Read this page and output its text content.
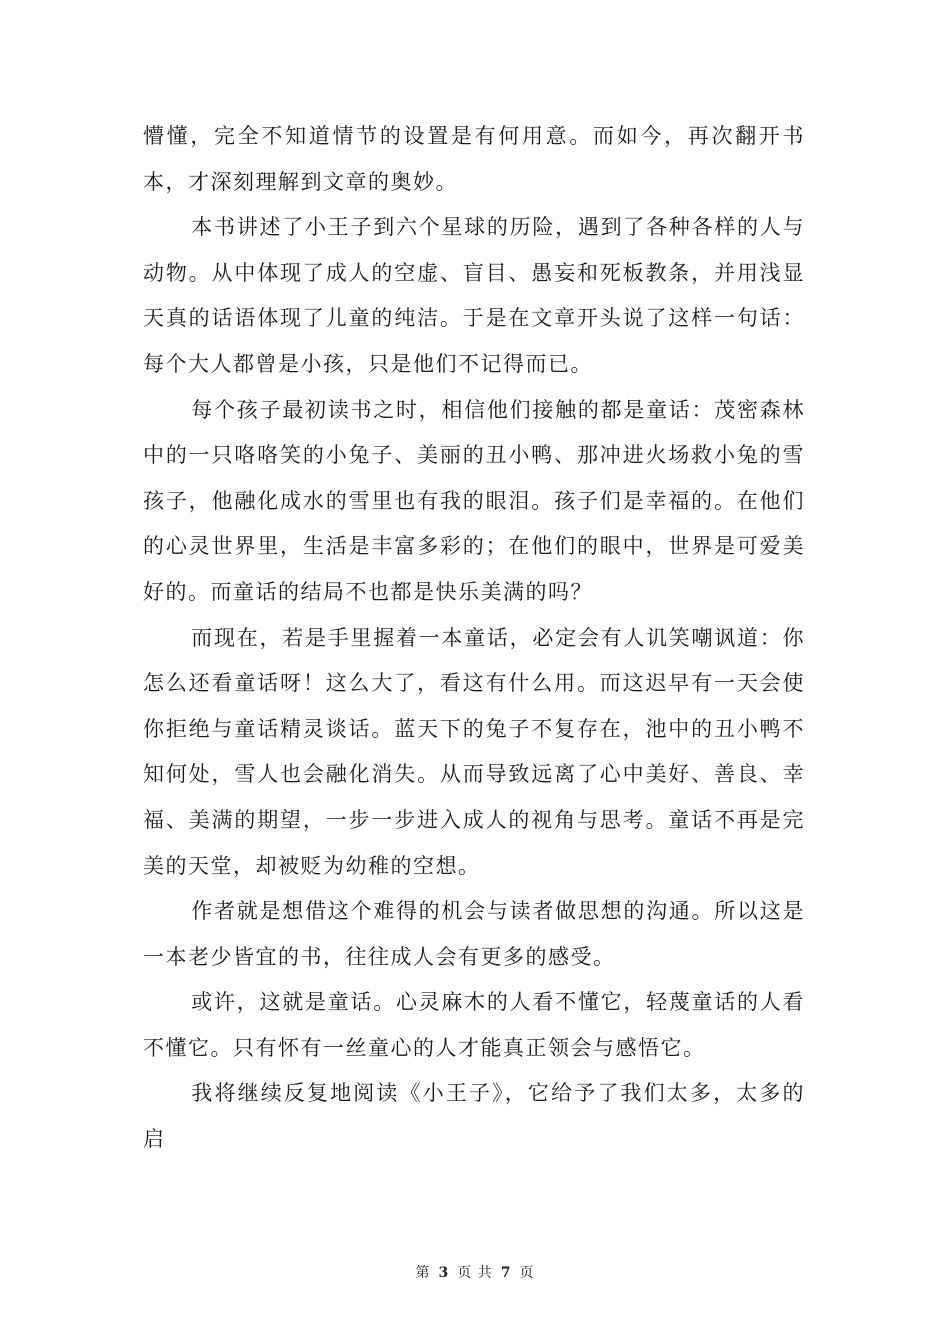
懵懂，完全不知道情节的设置是有何用意。而如今，再次翻开书本，才深刻理解到文章的奥妙。

本书讲述了小王子到六个星球的历险，遇到了各种各样的人与动物。从中体现了成人的空虚、盲目、愚妄和死板教条，并用浅显天真的话语体现了儿童的纯洁。于是在文章开头说了这样一句话：每个大人都曾是小孩，只是他们不记得而已。

每个孩子最初读书之时，相信他们接触的都是童话：茂密森林中的一只咯咯笑的小兔子、美丽的丑小鸭、那冲进火场救小兔的雪孩子，他融化成水的雪里也有我的眼泪。孩子们是幸福的。在他们的心灵世界里，生活是丰富多彩的；在他们的眼中，世界是可爱美好的。而童话的结局不也都是快乐美满的吗？

而现在，若是手里握着一本童话，必定会有人讥笑嘲讽道：你怎么还看童话呀！这么大了，看这有什么用。而这迟早有一天会使你拒绝与童话精灵谈话。蓝天下的兔子不复存在，池中的丑小鸭不知何处，雪人也会融化消失。从而导致远离了心中美好、善良、幸福、美满的期望，一步一步进入成人的视角与思考。童话不再是完美的天堂，却被贬为幼稚的空想。

作者就是想借这个难得的机会与读者做思想的沟通。所以这是一本老少皆宜的书，往往成人会有更多的感受。

或许，这就是童话。心灵麻木的人看不懂它，轻蔑童话的人看不懂它。只有怀有一丝童心的人才能真正领会与感悟它。

我将继续反复地阅读《小王子》，它给予了我们太多，太多的启

第 3 页 共 7 页
